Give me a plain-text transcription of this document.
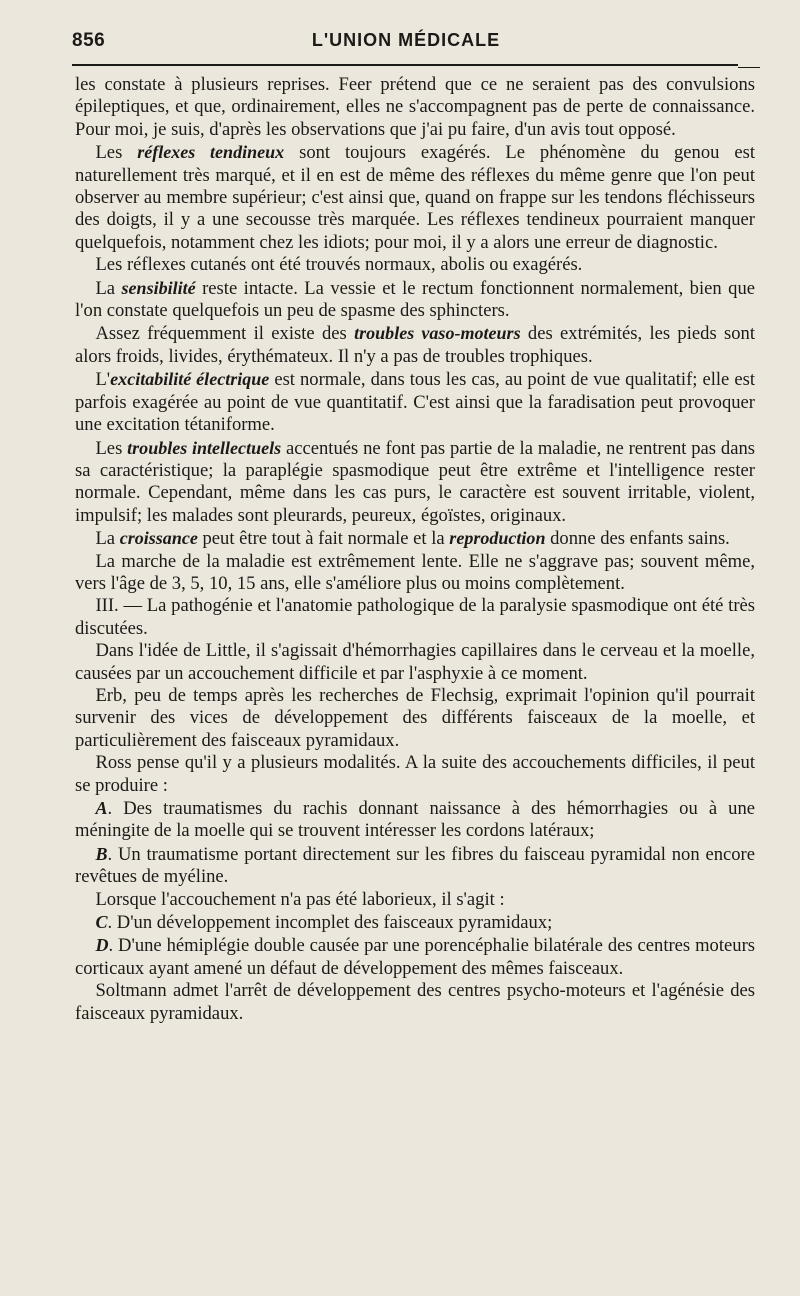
856	L'UNION MÉDICALE

les constate à plusieurs reprises. Feer prétend que ce ne seraient pas des convulsions épileptiques, et que, ordinairement, elles ne s'accompagnent pas de perte de connaissance. Pour moi, je suis, d'après les observations que j'ai pu faire, d'un avis tout opposé.

Les réflexes tendineux sont toujours exagérés. Le phénomène du genou est naturellement très marqué, et il en est de même des réflexes du même genre que l'on peut observer au membre supérieur; c'est ainsi que, quand on frappe sur les tendons fléchisseurs des doigts, il y a une secousse très marquée. Les réflexes tendineux pourraient manquer quelquefois, notamment chez les idiots; pour moi, il y a alors une erreur de diagnostic.

Les réflexes cutanés ont été trouvés normaux, abolis ou exagérés.

La sensibilité reste intacte. La vessie et le rectum fonctionnent normalement, bien que l'on constate quelquefois un peu de spasme des sphincters.

Assez fréquemment il existe des troubles vaso-moteurs des extrémités, les pieds sont alors froids, livides, érythémateux. Il n'y a pas de troubles trophiques.

L'excitabilité électrique est normale, dans tous les cas, au point de vue qualitatif; elle est parfois exagérée au point de vue quantitatif. C'est ainsi que la faradisation peut provoquer une excitation tétaniforme.

Les troubles intellectuels accentués ne font pas partie de la maladie, ne rentrent pas dans sa caractéristique; la paraplégie spasmodique peut être extrême et l'intelligence rester normale. Cependant, même dans les cas purs, le caractère est souvent irritable, violent, impulsif; les malades sont pleurards, peureux, égoïstes, originaux.

La croissance peut être tout à fait normale et la reproduction donne des enfants sains.

La marche de la maladie est extrêmement lente. Elle ne s'aggrave pas; souvent même, vers l'âge de 3, 5, 10, 15 ans, elle s'améliore plus ou moins complètement.

III. — La pathogénie et l'anatomie pathologique de la paralysie spasmodique ont été très discutées.

Dans l'idée de Little, il s'agissait d'hémorrhagies capillaires dans le cerveau et la moelle, causées par un accouchement difficile et par l'asphyxie à ce moment.

Erb, peu de temps après les recherches de Flechsig, exprimait l'opinion qu'il pourrait survenir des vices de développement des différents faisceaux de la moelle, et particulièrement des faisceaux pyramidaux.

Ross pense qu'il y a plusieurs modalités. A la suite des accouchements difficiles, il peut se produire :

A. Des traumatismes du rachis donnant naissance à des hémorrhagies ou à une méningite de la moelle qui se trouvent intéresser les cordons latéraux;

B. Un traumatisme portant directement sur les fibres du faisceau pyramidal non encore revêtues de myéline.

Lorsque l'accouchement n'a pas été laborieux, il s'agit :

C. D'un développement incomplet des faisceaux pyramidaux;

D. D'une hémiplégie double causée par une porencéphalie bilatérale des centres moteurs corticaux ayant amené un défaut de développement des mêmes faisceaux.

Soltmann admet l'arrêt de développement des centres psycho-moteurs et l'agénésie des faisceaux pyramidaux.
